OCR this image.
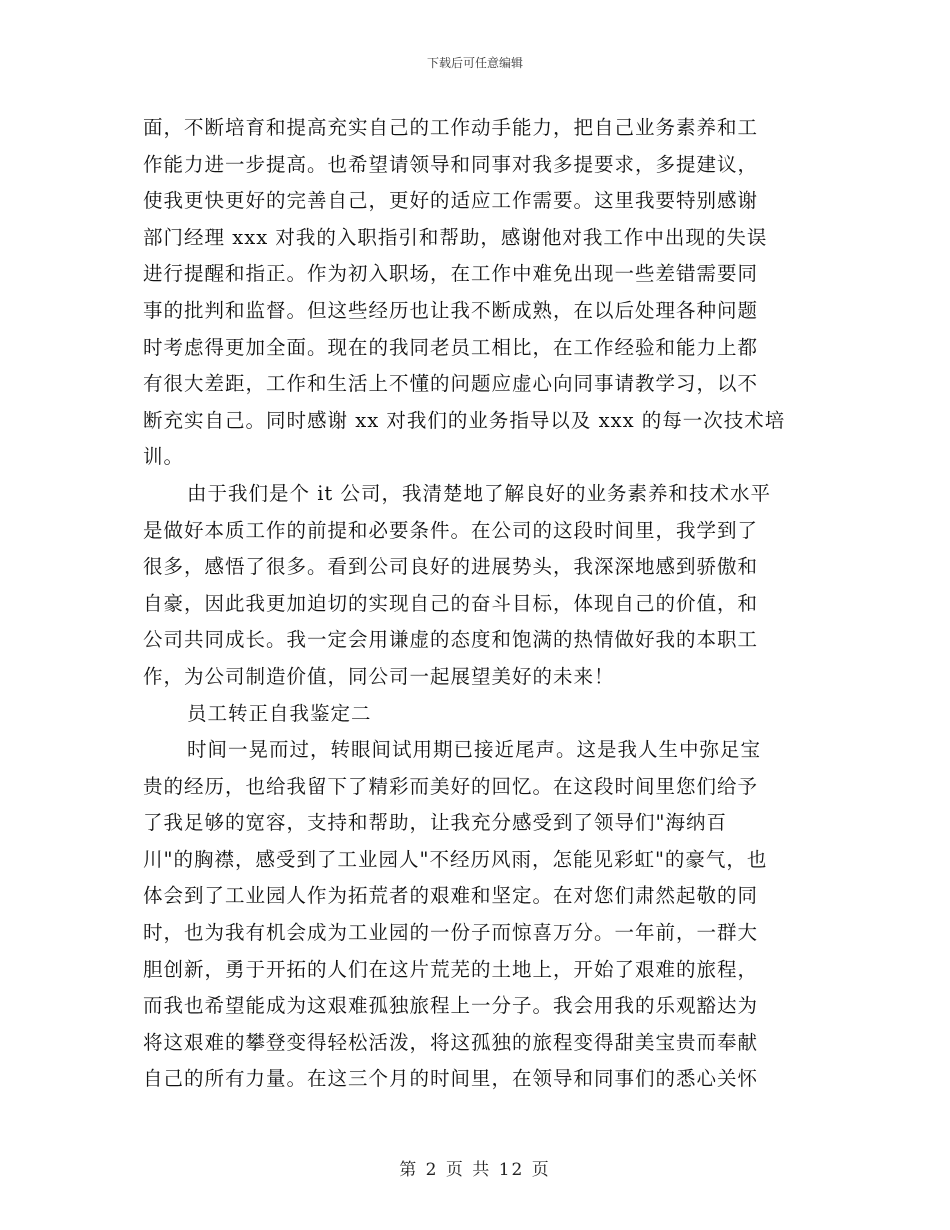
下载后可任意编辑
面，不断培育和提高充实自己的工作动手能力，把自己业务素养和工
作能力进一步提高。也希望请领导和同事对我多提要求，多提建议，
使我更快更好的完善自己，更好的适应工作需要。这里我要特别感谢
部门经理 xxx 对我的入职指引和帮助，感谢他对我工作中出现的失误
进行提醒和指正。作为初入职场，在工作中难免出现一些差错需要同
事的批判和监督。但这些经历也让我不断成熟，在以后处理各种问题
时考虑得更加全面。现在的我同老员工相比，在工作经验和能力上都
有很大差距，工作和生活上不懂的问题应虚心向同事请教学习，以不
断充实自己。同时感谢 xx 对我们的业务指导以及 xxx 的每一次技术培
训。
由于我们是个 it 公司，我清楚地了解良好的业务素养和技术水平
是做好本质工作的前提和必要条件。在公司的这段时间里，我学到了
很多，感悟了很多。看到公司良好的进展势头，我深深地感到骄傲和
自豪，因此我更加迫切的实现自己的奋斗目标，体现自己的价值，和
公司共同成长。我一定会用谦虚的态度和饱满的热情做好我的本职工
作，为公司制造价值，同公司一起展望美好的未来！
员工转正自我鉴定二
时间一晃而过，转眼间试用期已接近尾声。这是我人生中弥足宝
贵的经历，也给我留下了精彩而美好的回忆。在这段时间里您们给予
了我足够的宽容，支持和帮助，让我充分感受到了领导们"海纳百
川"的胸襟，感受到了工业园人"不经历风雨，怎能见彩虹"的豪气，也
体会到了工业园人作为拓荒者的艰难和坚定。在对您们肃然起敬的同
时，也为我有机会成为工业园的一份子而惊喜万分。一年前，一群大
胆创新，勇于开拓的人们在这片荒芜的土地上，开始了艰难的旅程，
而我也希望能成为这艰难孤独旅程上一分子。我会用我的乐观豁达为
将这艰难的攀登变得轻松活泼，将这孤独的旅程变得甜美宝贵而奉献
自己的所有力量。在这三个月的时间里，在领导和同事们的悉心关怀
第 2 页 共 12 页
